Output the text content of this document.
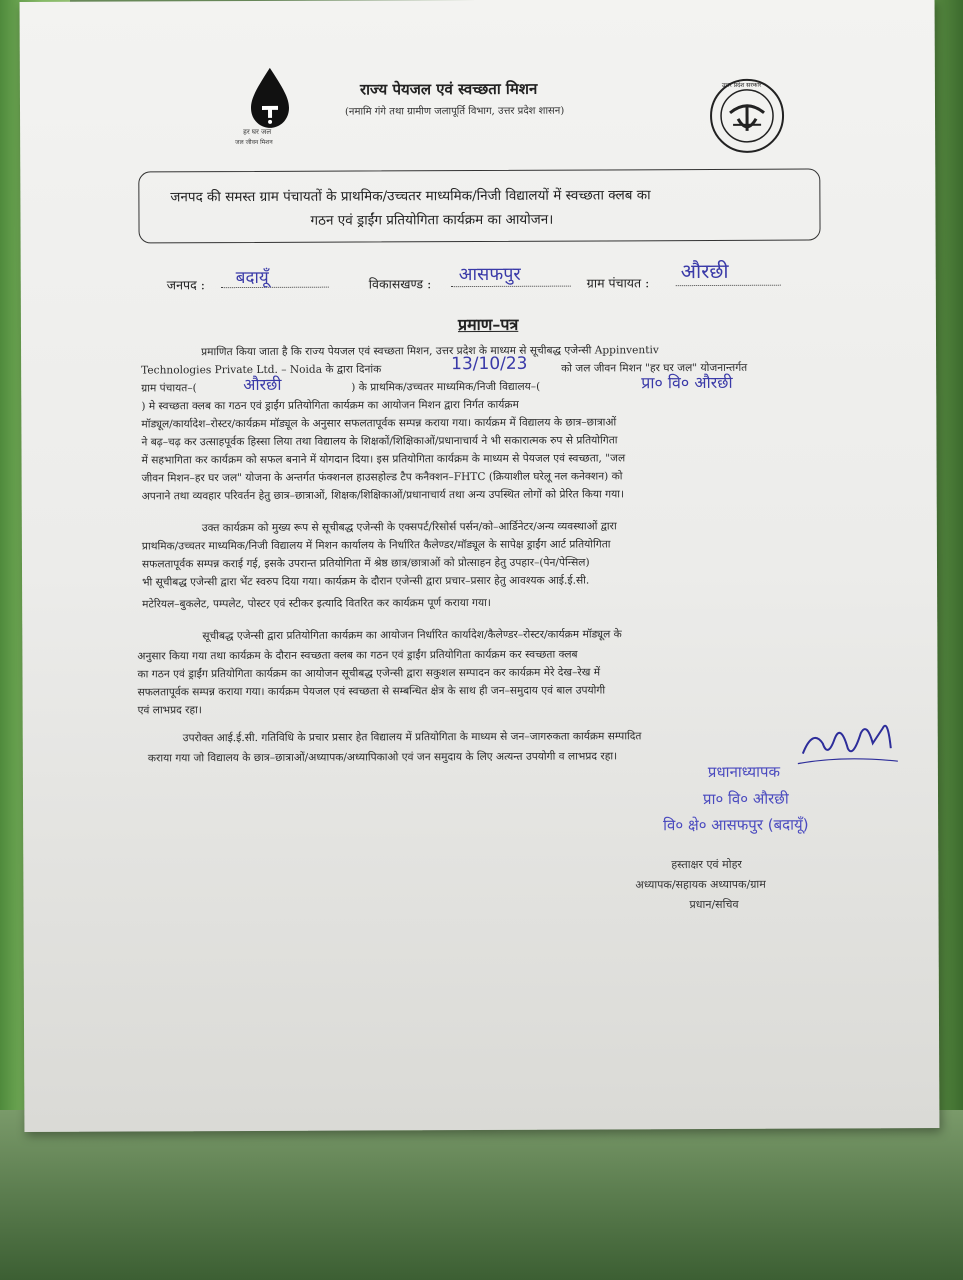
हर घर जल
जल जीवन मिशन
राज्य पेयजल एवं स्वच्छता मिशन
(नमामि गंगे तथा ग्रामीण जलापूर्ति विभाग, उत्तर प्रदेश शासन)
उत्तर प्रदेश सरकार
जनपद की समस्त ग्राम पंचायतों के प्राथमिक/उच्चतर माध्यमिक/निजी विद्यालयों में स्वच्छता क्लब का
गठन एवं ड्राईंग प्रतियोगिता कार्यक्रम का आयोजन।
जनपद : बदायूँ	विकासखण्ड : आसफपुर	ग्राम पंचायत : औरछी
प्रमाण–पत्र
प्रमाणित किया जाता है कि राज्य पेयजल एवं स्वच्छता मिशन, उत्तर प्रदेश के माध्यम से सूचीबद्ध एजेन्सी Appinventiv
Technologies Private Ltd. – Noida के द्वारा दिनांक	13/10/23	को जल जीवन मिशन "हर घर जल" योजनान्तर्गत
ग्राम पंचायत–(	औरछी	) के प्राथमिक/उच्चतर माध्यमिक/निजी विद्यालय–(	प्रा० वि० औरछी
) मे स्वच्छता क्लब का गठन एवं ड्राईंग प्रतियोगिता कार्यक्रम का आयोजन मिशन द्वारा निर्गत कार्यक्रम
मॉड्यूल/कार्यादेश–रोस्टर/कार्यक्रम मॉड्यूल के अनुसार सफलतापूर्वक सम्पन्न कराया गया। कार्यक्रम में विद्यालय के छात्र–छात्राओं
ने बढ़–चढ़ कर उत्साहपूर्वक हिस्सा लिया तथा विद्यालय के शिक्षकों/शिक्षिकाओं/प्रधानाचार्य ने भी सकारात्मक रुप से प्रतियोगिता
में सहभागिता कर कार्यक्रम को सफल बनाने में योगदान दिया। इस प्रतियोगिता कार्यक्रम के माध्यम से पेयजल एवं स्वच्छता, "जल
जीवन मिशन–हर घर जल" योजना के अन्तर्गत फंक्शनल हाउसहोल्ड टैप कनैक्शन–FHTC (क्रियाशील घरेलू नल कनेक्शन) को
अपनाने तथा व्यवहार परिवर्तन हेतु छात्र–छात्राओं, शिक्षक/शिक्षिकाओं/प्रधानाचार्य तथा अन्य उपस्थित लोगों को प्रेरित किया गया।
उक्त कार्यक्रम को मुख्य रूप से सूचीबद्ध एजेन्सी के एक्सपर्ट/रिसोर्स पर्सन/को–आर्डिनेटर/अन्य व्यवस्थाओं द्वारा
प्राथमिक/उच्चतर माध्यमिक/निजी विद्यालय में मिशन कार्यालय के निर्धारित कैलेण्डर/मॉड्यूल के सापेक्ष ड्राईंग आर्ट प्रतियोगिता
सफलतापूर्वक सम्पन्न कराई गई, इसके उपरान्त प्रतियोगिता में श्रेष्ठ छात्र/छात्राओं को प्रोत्साहन हेतु उपहार–(पेन/पेन्सिल)
भी सूचीबद्ध एजेन्सी द्वारा भेंट स्वरुप दिया गया। कार्यक्रम के दौरान एजेन्सी द्वारा प्रचार–प्रसार हेतु आवश्यक आई.ई.सी.
मटेरियल–बुकलेट, पम्पलेट, पोस्टर एवं स्टीकर इत्यादि वितरित कर कार्यक्रम पूर्ण कराया गया।
सूचीबद्ध एजेन्सी द्वारा प्रतियोगिता कार्यक्रम का आयोजन निर्धारित कार्यादेश/कैलेण्डर–रोस्टर/कार्यक्रम मॉड्यूल के
अनुसार किया गया तथा कार्यक्रम के दौरान स्वच्छता क्लब का गठन एवं ड्राईंग प्रतियोगिता कार्यक्रम कर स्वच्छता क्लब
का गठन एवं ड्राईंग प्रतियोगिता कार्यक्रम का आयोजन सूचीबद्ध एजेन्सी द्वारा सकुशल सम्पादन कर कार्यक्रम मेरे देख–रेख में
सफलतापूर्वक सम्पन्न कराया गया। कार्यक्रम पेयजल एवं स्वच्छता से सम्बन्धित क्षेत्र के साथ ही जन–समुदाय एवं बाल उपयोगी
एवं लाभप्रद रहा।
उपरोक्त आई.ई.सी. गतिविधि के प्रचार प्रसार हेत विद्यालय में प्रतियोगिता के माध्यम से जन–जागरुकता कार्यक्रम सम्पादित
कराया गया जो विद्यालय के छात्र–छात्राओं/अध्यापक/अध्यापिकाओ एवं जन समुदाय के लिए अत्यन्त उपयोगी व लाभप्रद रहा।
प्रधानाध्यापक
प्रा० वि० औरछी
वि० क्षे० आसफपुर (बदायूँ)
हस्ताक्षर एवं मोहर
अध्यापक/सहायक अध्यापक/ग्राम
प्रधान/सचिव
